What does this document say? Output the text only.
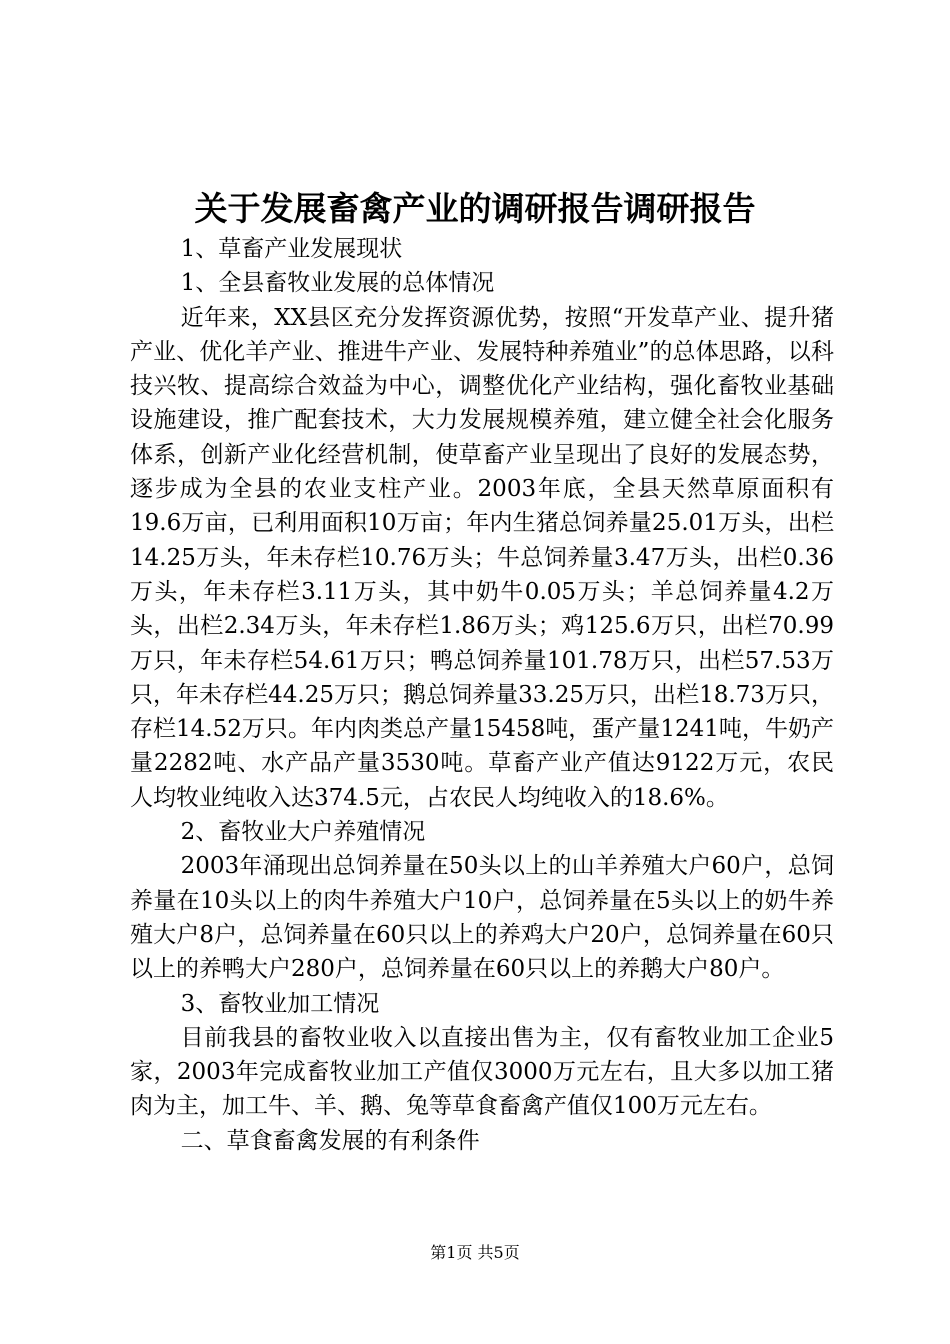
关于发展畜禽产业的调研报告调研报告

1、草畜产业发展现状

1、全县畜牧业发展的总体情况

近年来，XX县区充分发挥资源优势，按照“开发草产业、提升猪产业、优化羊产业、推进牛产业、发展特种养殖业”的总体思路，以科技兴牧、提高综合效益为中心，调整优化产业结构，强化畜牧业基础设施建设，推广配套技术，大力发展规模养殖，建立健全社会化服务体系，创新产业化经营机制，使草畜产业呈现出了良好的发展态势，逐步成为全县的农业支柱产业。2003年底，全县天然草原面积有19.6万亩，已利用面积10万亩；年内生猪总饲养量25.01万头，出栏14.25万头，年未存栏10.76万头；牛总饲养量3.47万头，出栏0.36万头，年未存栏3.11万头，其中奶牛0.05万头；羊总饲养量4.2万头，出栏2.34万头，年未存栏1.86万头；鸡125.6万只，出栏70.99万只，年未存栏54.61万只；鸭总饲养量101.78万只，出栏57.53万只，年未存栏44.25万只；鹅总饲养量33.25万只，出栏18.73万只，存栏14.52万只。年内肉类总产量15458吨，蛋产量1241吨，牛奶产量2282吨、水产品产量3530吨。草畜产业产值达9122万元，农民人均牧业纯收入达374.5元，占农民人均纯收入的18.6%。

2、畜牧业大户养殖情况

2003年涌现出总饲养量在50头以上的山羊养殖大户60户，总饲养量在10头以上的肉牛养殖大户10户，总饲养量在5头以上的奶牛养殖大户8户，总饲养量在60只以上的养鸡大户20户，总饲养量在60只以上的养鸭大户280户，总饲养量在60只以上的养鹅大户80户。

3、畜牧业加工情况

目前我县的畜牧业收入以直接出售为主，仅有畜牧业加工企业5家，2003年完成畜牧业加工产值仅3000万元左右，且大多以加工猪肉为主，加工牛、羊、鹅、兔等草食畜禽产值仅100万元左右。

二、草食畜禽发展的有利条件

第1页 共5页
